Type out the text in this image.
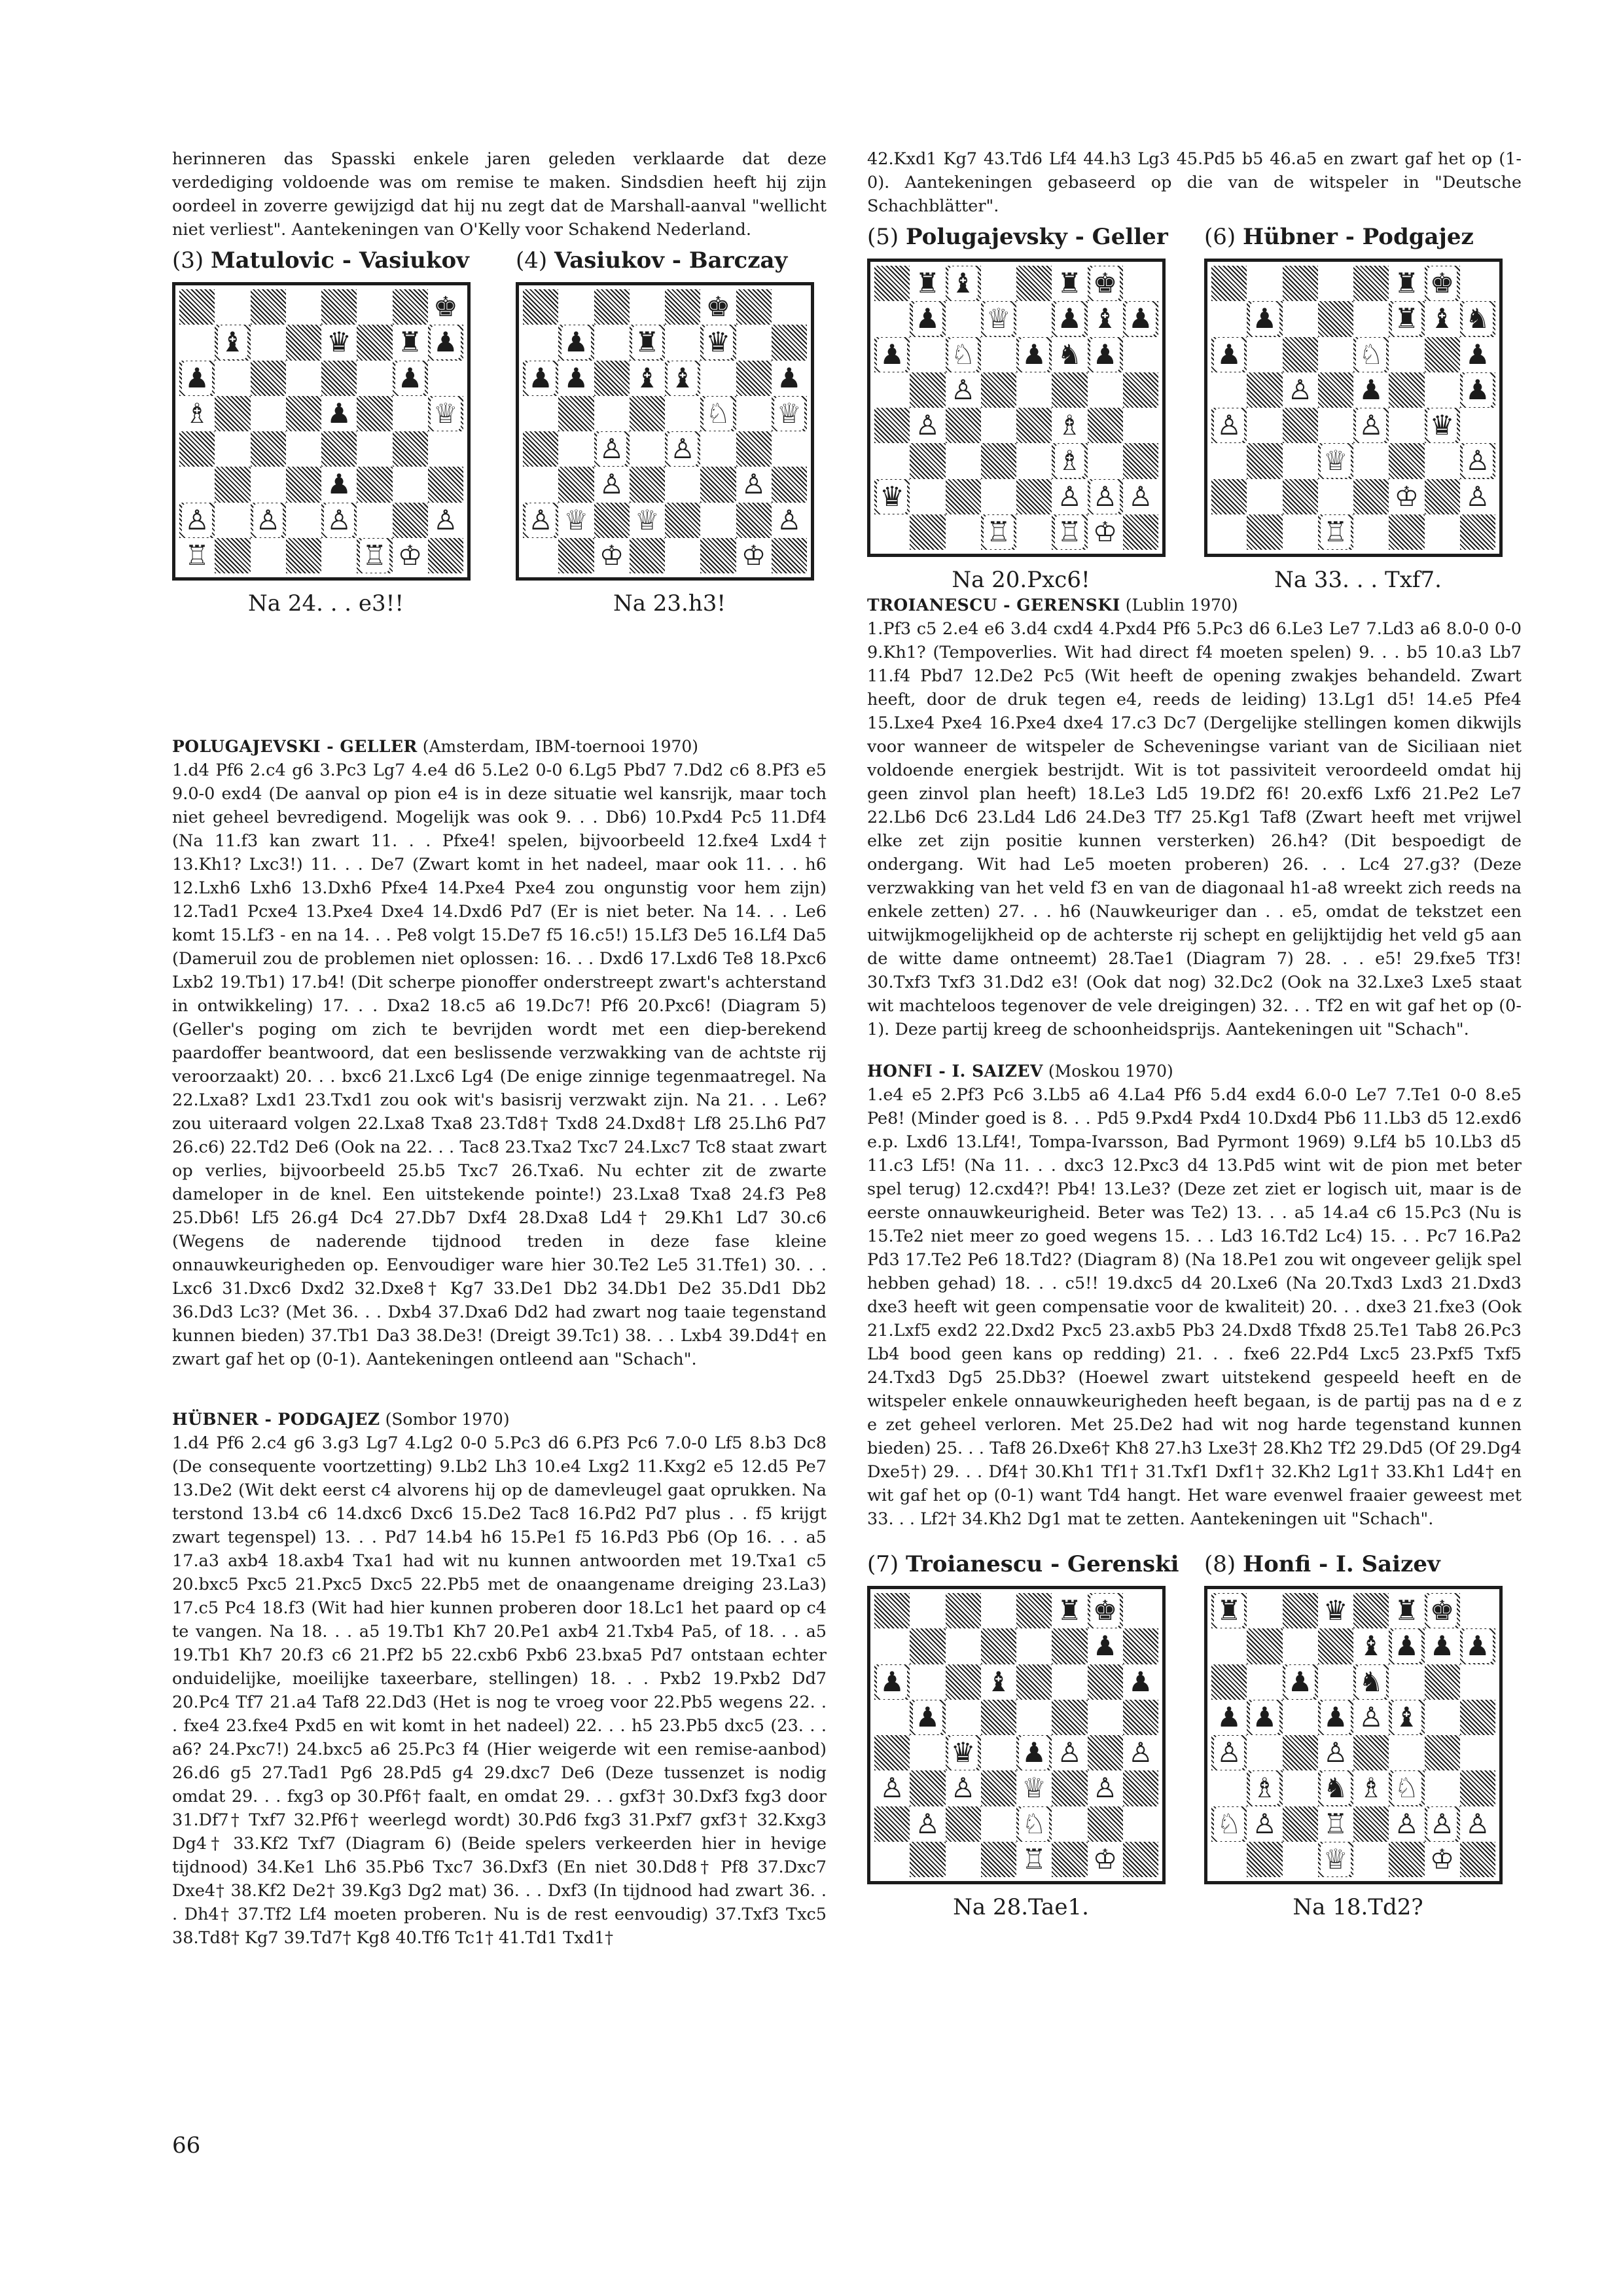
herinneren das Spasski enkele jaren geleden verklaarde dat deze verdediging voldoende was om remise te maken. Sindsdien heeft hij zijn oordeel in zoverre gewijzigd dat hij nu zegt dat de Marshall-aanval "wellicht niet verliest". Aantekeningen van O'Kelly voor Schakend Nederland.

(3) Matulovic - Vasiukov
♚
♝	♛ ♜ ♟
♟	♟
♗	♟	♕
♟
♙ ♙ ♙	♙
♖	♖ ♔
Na 24. . . e3!!
(4) Vasiukov - Barczay
♚
♟ ♜ ♛
♟ ♟ ♝ ♝	♟
♘ ♕
♙ ♙
♙	♙
♙ ♕ ♕	♙
♔	♔
Na 23.h3!

POLUGAJEVSKI - GELLER (Amsterdam, IBM-toernooi 1970)

1.d4 Pf6 2.c4 g6 3.Pc3 Lg7 4.e4 d6 5.Le2 0-0 6.Lg5 Pbd7 7.Dd2 c6 8.Pf3 e5 9.0-0 exd4 (De aanval op pion e4 is in deze situatie wel kansrijk, maar toch niet geheel bevredigend. Mogelijk was ook 9. . . Db6) 10.Pxd4 Pc5 11.Df4 (Na 11.f3 kan zwart 11. . . Pfxe4! spelen, bijvoorbeeld 12.fxe4 Lxd4† 13.Kh1? Lxc3!) 11. . . De7 (Zwart komt in het nadeel, maar ook 11. . . h6 12.Lxh6 Lxh6 13.Dxh6 Pfxe4 14.Pxe4 Pxe4 zou ongunstig voor hem zijn) 12.Tad1 Pcxe4 13.Pxe4 Dxe4 14.Dxd6 Pd7 (Er is niet beter. Na 14. . . Le6 komt 15.Lf3 - en na 14. . . Pe8 volgt 15.De7 f5 16.c5!) 15.Lf3 De5 16.Lf4 Da5 (Dameruil zou de problemen niet oplossen: 16. . . Dxd6 17.Lxd6 Te8 18.Pxc6 Lxb2 19.Tb1) 17.b4! (Dit scherpe pionoffer onderstreept zwart's achterstand in ontwikkeling) 17. . . Dxa2 18.c5 a6 19.Dc7! Pf6 20.Pxc6! (Diagram 5) (Geller's poging om zich te bevrijden wordt met een diep-berekend paardoffer beantwoord, dat een beslissende verzwakking van de achtste rij veroorzaakt) 20. . . bxc6 21.Lxc6 Lg4 (De enige zinnige tegenmaatregel. Na 22.Lxa8? Lxd1 23.Txd1 zou ook wit's basisrij verzwakt zijn. Na 21. . . Le6? zou uiteraard volgen 22.Lxa8 Txa8 23.Td8† Txd8 24.Dxd8† Lf8 25.Lh6 Pd7 26.c6) 22.Td2 De6 (Ook na 22. . . Tac8 23.Txa2 Txc7 24.Lxc7 Tc8 staat zwart op verlies, bijvoorbeeld 25.b5 Txc7 26.Txa6. Nu echter zit de zwarte dameloper in de knel. Een uitstekende pointe!) 23.Lxa8 Txa8 24.f3 Pe8 25.Db6! Lf5 26.g4 Dc4 27.Db7 Dxf4 28.Dxa8 Ld4† 29.Kh1 Ld7 30.c6 (Wegens de naderende tijdnood treden in deze fase kleine onnauwkeurigheden op. Eenvoudiger ware hier 30.Te2 Le5 31.Tfe1) 30. . . Lxc6 31.Dxc6 Dxd2 32.Dxe8† Kg7 33.De1 Db2 34.Db1 De2 35.Dd1 Db2 36.Dd3 Lc3? (Met 36. . . Dxb4 37.Dxa6 Dd2 had zwart nog taaie tegenstand kunnen bieden) 37.Tb1 Da3 38.De3! (Dreigt 39.Tc1) 38. . . Lxb4 39.Dd4† en zwart gaf het op (0-1). Aantekeningen ontleend aan "Schach".

HÜBNER - PODGAJEZ (Sombor 1970)

1.d4 Pf6 2.c4 g6 3.g3 Lg7 4.Lg2 0-0 5.Pc3 d6 6.Pf3 Pc6 7.0-0 Lf5 8.b3 Dc8 (De consequente voortzetting) 9.Lb2 Lh3 10.e4 Lxg2 11.Kxg2 e5 12.d5 Pe7 13.De2 (Wit dekt eerst c4 alvorens hij op de damevleugel gaat oprukken. Na terstond 13.b4 c6 14.dxc6 Dxc6 15.De2 Tac8 16.Pd2 Pd7 plus . . f5 krijgt zwart tegenspel) 13. . . Pd7 14.b4 h6 15.Pe1 f5 16.Pd3 Pb6 (Op 16. . . a5 17.a3 axb4 18.axb4 Txa1 had wit nu kunnen antwoorden met 19.Txa1 c5 20.bxc5 Pxc5 21.Pxc5 Dxc5 22.Pb5 met de onaangename dreiging 23.La3) 17.c5 Pc4 18.f3 (Wit had hier kunnen proberen door 18.Lc1 het paard op c4 te vangen. Na 18. . . a5 19.Tb1 Kh7 20.Pe1 axb4 21.Txb4 Pa5, of 18. . . a5 19.Tb1 Kh7 20.f3 c6 21.Pf2 b5 22.cxb6 Pxb6 23.bxa5 Pd7 ontstaan echter onduidelijke, moeilijke taxeerbare, stellingen) 18. . . Pxb2 19.Pxb2 Dd7 20.Pc4 Tf7 21.a4 Taf8 22.Dd3 (Het is nog te vroeg voor 22.Pb5 wegens 22. . . fxe4 23.fxe4 Pxd5 en wit komt in het nadeel) 22. . . h5 23.Pb5 dxc5 (23. . . a6? 24.Pxc7!) 24.bxc5 a6 25.Pc3 f4 (Hier weigerde wit een remise-aanbod) 26.d6 g5 27.Tad1 Pg6 28.Pd5 g4 29.dxc7 De6 (Deze tussenzet is nodig omdat 29. . . fxg3 op 30.Pf6† faalt, en omdat 29. . . gxf3† 30.Dxf3 fxg3 door 31.Df7† Txf7 32.Pf6† weerlegd wordt) 30.Pd6 fxg3 31.Pxf7 gxf3† 32.Kxg3 Dg4† 33.Kf2 Txf7 (Diagram 6) (Beide spelers verkeerden hier in hevige tijdnood) 34.Ke1 Lh6 35.Pb6 Txc7 36.Dxf3 (En niet 30.Dd8† Pf8 37.Dxc7 Dxe4† 38.Kf2 De2† 39.Kg3 Dg2 mat) 36. . . Dxf3 (In tijdnood had zwart 36. . . Dh4† 37.Tf2 Lf4 moeten proberen. Nu is de rest eenvoudig) 37.Txf3 Txc5 38.Td8† Kg7 39.Td7† Kg8 40.Tf6 Tc1† 41.Td1 Txd1†

42.Kxd1 Kg7 43.Td6 Lf4 44.h3 Lg3 45.Pd5 b5 46.a5 en zwart gaf het op (1-0). Aantekeningen gebaseerd op die van de witspeler in "Deutsche Schachblätter".

(5) Polugajevsky - Geller
♜ ♝	♜ ♚
♟ ♕ ♟ ♝ ♟
♟ ♘ ♟ ♞ ♟
♙
♙	♗
♗
♛	♙ ♙ ♙
♖ ♖ ♔
Na 20.Pxc6!
(6) Hübner - Podgajez
♜ ♚
♟	♜ ♝ ♞
♟	♘	♟
♙ ♟	♟
♙	♙ ♛
♕	♙
♔ ♙
♖
Na 33. . . Txf7.

TROIANESCU - GERENSKI (Lublin 1970)

1.Pf3 c5 2.e4 e6 3.d4 cxd4 4.Pxd4 Pf6 5.Pc3 d6 6.Le3 Le7 7.Ld3 a6 8.0-0 0-0 9.Kh1? (Tempoverlies. Wit had direct f4 moeten spelen) 9. . . b5 10.a3 Lb7 11.f4 Pbd7 12.De2 Pc5 (Wit heeft de opening zwakjes behandeld. Zwart heeft, door de druk tegen e4, reeds de leiding) 13.Lg1 d5! 14.e5 Pfe4 15.Lxe4 Pxe4 16.Pxe4 dxe4 17.c3 Dc7 (Dergelijke stellingen komen dikwijls voor wanneer de witspeler de Scheveningse variant van de Siciliaan niet voldoende energiek bestrijdt. Wit is tot passiviteit veroordeeld omdat hij geen zinvol plan heeft) 18.Le3 Ld5 19.Df2 f6! 20.exf6 Lxf6 21.Pe2 Le7 22.Lb6 Dc6 23.Ld4 Ld6 24.De3 Tf7 25.Kg1 Taf8 (Zwart heeft met vrijwel elke zet zijn positie kunnen versterken) 26.h4? (Dit bespoedigt de ondergang. Wit had Le5 moeten proberen) 26. . . Lc4 27.g3? (Deze verzwakking van het veld f3 en van de diagonaal h1-a8 wreekt zich reeds na enkele zetten) 27. . . h6 (Nauwkeuriger dan . . e5, omdat de tekstzet een uitwijkmogelijkheid op de achterste rij schept en gelijktijdig het veld g5 aan de witte dame ontneemt) 28.Tae1 (Diagram 7) 28. . . e5! 29.fxe5 Tf3! 30.Txf3 Txf3 31.Dd2 e3! (Ook dat nog) 32.Dc2 (Ook na 32.Lxe3 Lxe5 staat wit machteloos tegenover de vele dreigingen) 32. . . Tf2 en wit gaf het op (0-1). Deze partij kreeg de schoonheidsprijs. Aantekeningen uit "Schach".

HONFI - I. SAIZEV (Moskou 1970)

1.e4 e5 2.Pf3 Pc6 3.Lb5 a6 4.La4 Pf6 5.d4 exd4 6.0-0 Le7 7.Te1 0-0 8.e5 Pe8! (Minder goed is 8. . . Pd5 9.Pxd4 Pxd4 10.Dxd4 Pb6 11.Lb3 d5 12.exd6 e.p. Lxd6 13.Lf4!, Tompa-Ivarsson, Bad Pyrmont 1969) 9.Lf4 b5 10.Lb3 d5 11.c3 Lf5! (Na 11. . . dxc3 12.Pxc3 d4 13.Pd5 wint wit de pion met beter spel terug) 12.cxd4?! Pb4! 13.Le3? (Deze zet ziet er logisch uit, maar is de eerste onnauwkeurigheid. Beter was Te2) 13. . . a5 14.a4 c6 15.Pc3 (Nu is 15.Te2 niet meer zo goed wegens 15. . . Ld3 16.Td2 Lc4) 15. . . Pc7 16.Pa2 Pd3 17.Te2 Pe6 18.Td2? (Diagram 8) (Na 18.Pe1 zou wit ongeveer gelijk spel hebben gehad) 18. . . c5!! 19.dxc5 d4 20.Lxe6 (Na 20.Txd3 Lxd3 21.Dxd3 dxe3 heeft wit geen compensatie voor de kwaliteit) 20. . . dxe3 21.fxe3 (Ook 21.Lxf5 exd2 22.Dxd2 Pxc5 23.axb5 Pb3 24.Dxd8 Tfxd8 25.Te1 Tab8 26.Pc3 Lb4 bood geen kans op redding) 21. . . fxe6 22.Pd4 Lxc5 23.Pxf5 Txf5 24.Txd3 Dg5 25.Db3? (Hoewel zwart uitstekend gespeeld heeft en de witspeler enkele onnauwkeurigheden heeft begaan, is de partij pas na d e z e zet geheel verloren. Met 25.De2 had wit nog harde tegenstand kunnen bieden) 25. . . Taf8 26.Dxe6† Kh8 27.h3 Lxe3† 28.Kh2 Tf2 29.Dd5 (Of 29.Dg4 Dxe5†) 29. . . Df4† 30.Kh1 Tf1† 31.Txf1 Dxf1† 32.Kh2 Lg1† 33.Kh1 Ld4† en wit gaf het op (0-1) want Td4 hangt. Het ware evenwel fraaier geweest met 33. . . Lf2† 34.Kh2 Dg1 mat te zetten. Aantekeningen uit "Schach".

(7) Troianescu - Gerenski
♜ ♚
♟
♟	♝	♟
♟
♛ ♟ ♙ ♙
♙ ♙ ♕ ♙
♙	♘
♖ ♔
Na 28.Tae1.
(8) Honfi - I. Saizev
♜	♛ ♜ ♚
♝ ♟ ♟ ♟
♟ ♞
♟ ♟ ♟ ♙ ♝
♙	♙
♗ ♞ ♗ ♘
♘ ♙ ♖ ♙ ♙ ♙
♕	♔
Na 18.Td2?
66
